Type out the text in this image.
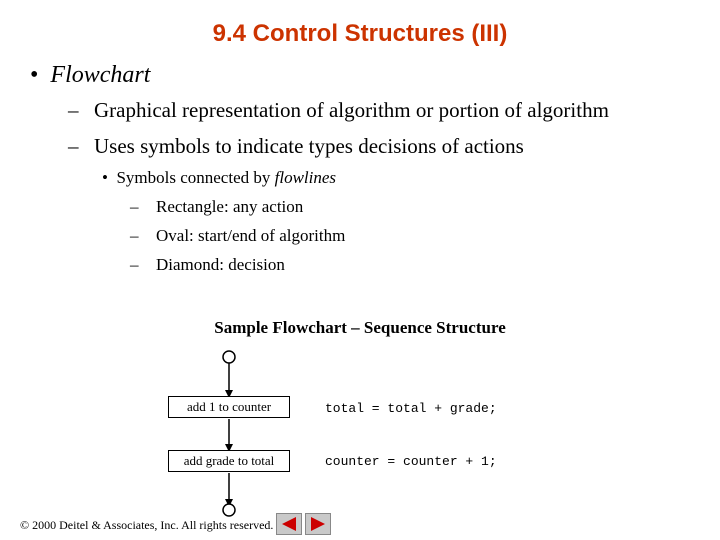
9.4 Control Structures (III)
• Flowchart
– Graphical representation of algorithm or portion of algorithm
– Uses symbols to indicate types decisions of actions
• Symbols connected by flowlines
– Rectangle: any action
– Oval: start/end of algorithm
– Diamond: decision
Sample Flowchart – Sequence Structure
add 1 to counter
add grade to total
total = total + grade;
counter = counter + 1;
© 2000 Deitel & Associates, Inc. All rights reserved.
